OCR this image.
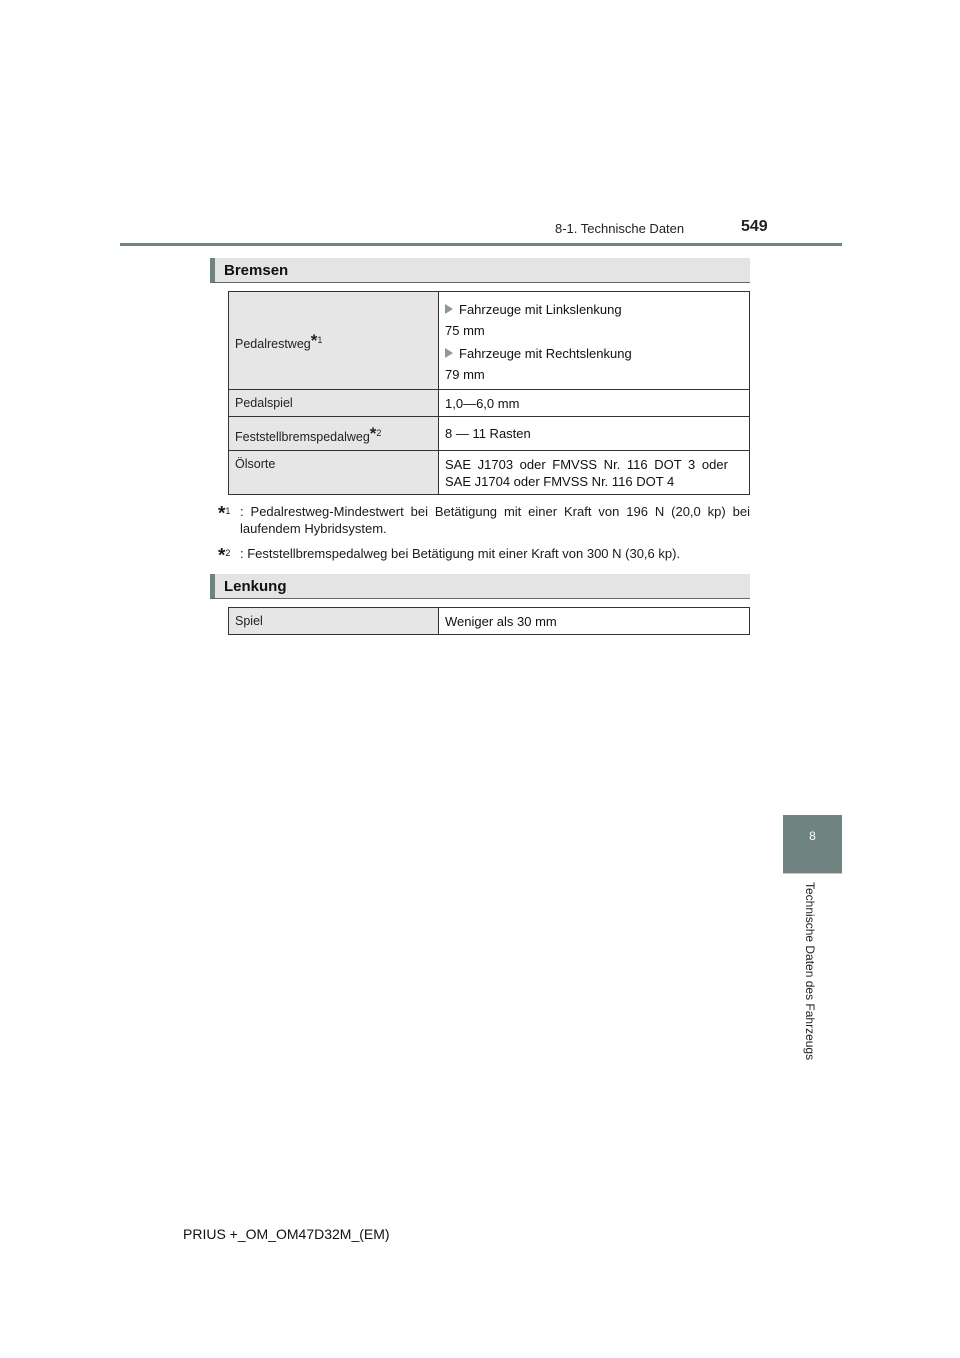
8-1. Technische Daten	549
Bremsen
Pedalrestweg*$^1$	Fahrzeuge mit Linkslenkung
75 mm
Fahrzeuge mit Rechtslenkung
79 mm

Pedalspiel	1,0—6,0 mm
Feststellbremspedalweg*$^2$	8 — 11 Rasten
Ölsorte	SAE J1703 oder FMVSS Nr. 116 DOT 3 oder
SAE J1704 oder FMVSS Nr. 116 DOT 4
*$^1$ : Pedalrestweg-Mindestwert bei Betätigung mit einer Kraft von 196 N (20,0 kp) bei laufendem Hybridsystem.
*$^2$ : Feststellbremspedalweg bei Betätigung mit einer Kraft von 300 N (30,6 kp).
Lenkung
Spiel	Weniger als 30 mm
8
Technische Daten des Fahrzeugs
PRIUS +_OM_OM47D32M_(EM)
